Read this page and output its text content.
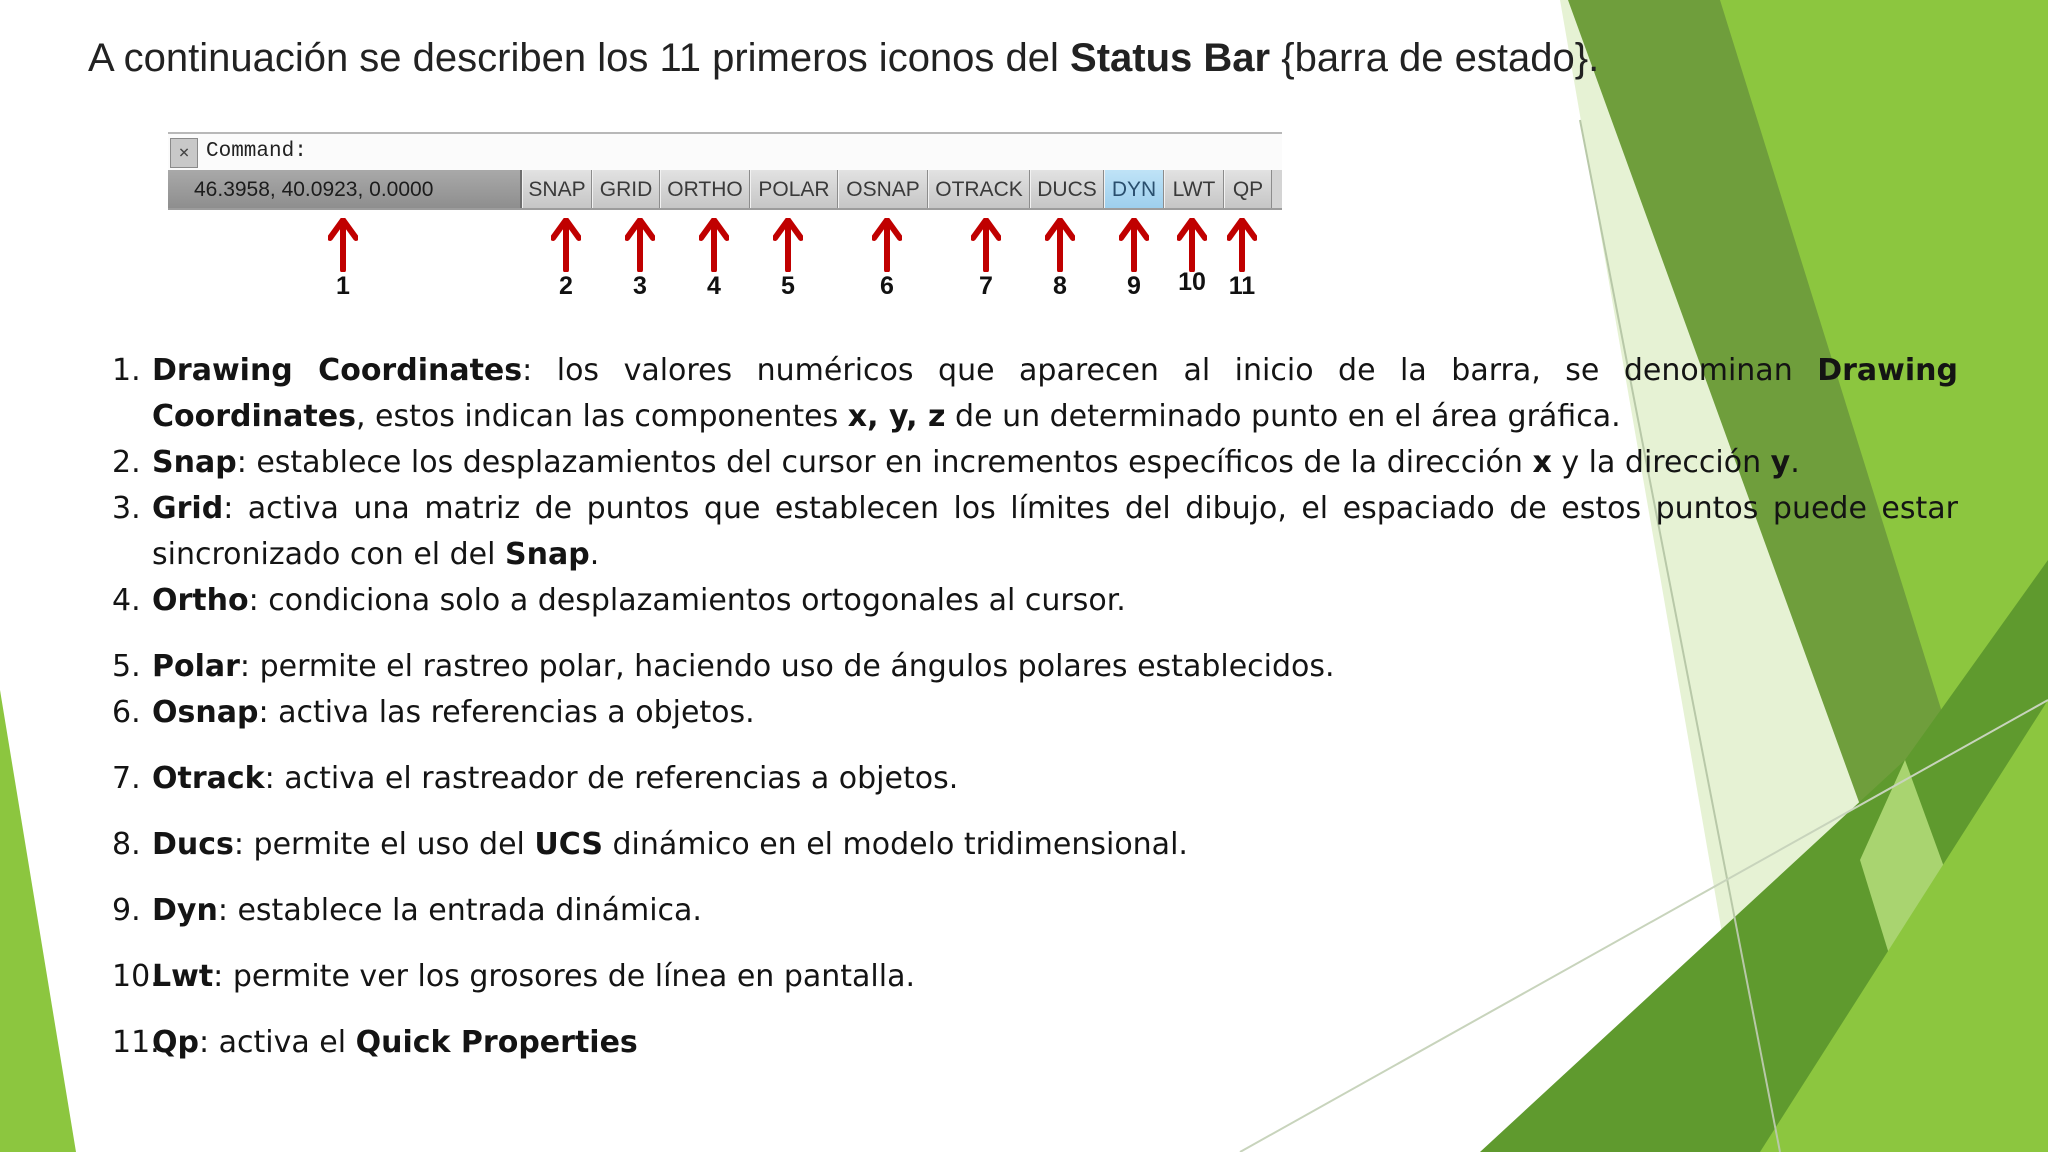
A continuación se describen los 11 primeros iconos del Status Bar {barra de estado}.
× Command:
46.3958, 40.0923, 0.0000	SNAP GRID ORTHO POLAR OSNAP OTRACK DUCS DYN LWT QP
1	2	3	4	5	6	7	8	9	10 11
1. Drawing Coordinates: los valores numéricos que aparecen al inicio de la barra, se denominan Drawing Coordinates, estos indican las componentes x, y, z de un determinado punto en el área gráfica.
2. Snap: establece los desplazamientos del cursor en incrementos específicos de la dirección x y la dirección y.
3. Grid: activa una matriz de puntos que establecen los límites del dibujo, el espaciado de estos puntos puede estar sincronizado con el del Snap.
4. Ortho: condiciona solo a desplazamientos ortogonales al cursor.
5. Polar: permite el rastreo polar, haciendo uso de ángulos polares establecidos.
6. Osnap: activa las referencias a objetos.
7. Otrack: activa el rastreador de referencias a objetos.
8. Ducs: permite el uso del UCS dinámico en el modelo tridimensional.
9. Dyn: establece la entrada dinámica.
10.
Lwt: permite ver los grosores de línea en pantalla.
11.
Qp: activa el Quick Properties
